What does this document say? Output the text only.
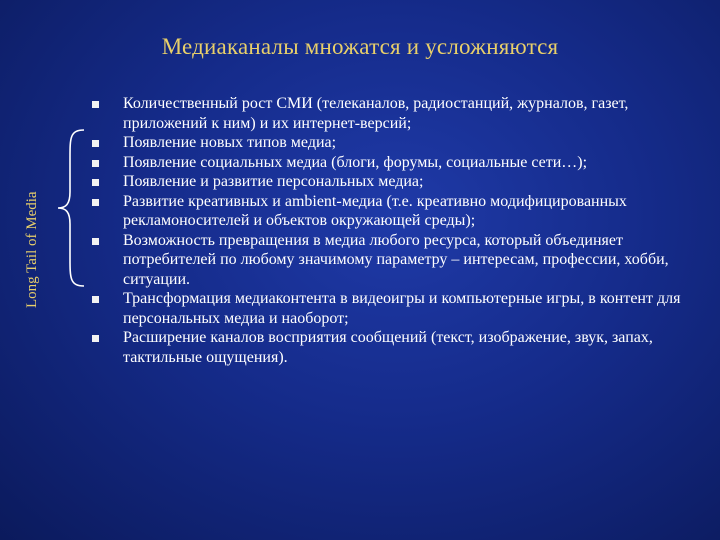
Медиаканалы множатся и усложняются
Long Tail of Media
Количественный рост СМИ (телеканалов, радиостанций, журналов, газет, приложений к ним) и их интернет-версий;
Появление новых типов медиа;
Появление социальных медиа (блоги, форумы, социальные сети…);
Появление и развитие персональных медиа;
Развитие креативных и ambient-медиа (т.е. креативно модифицированных рекламоносителей и объектов окружающей среды);
Возможность превращения в медиа любого ресурса, который объединяет потребителей по любому значимому параметру – интересам, профессии, хобби, ситуации.
Трансформация медиаконтента в видеоигры и компьютерные игры, в контент для персональных медиа и наоборот;
Расширение каналов восприятия сообщений (текст, изображение, звук, запах, тактильные ощущения).
